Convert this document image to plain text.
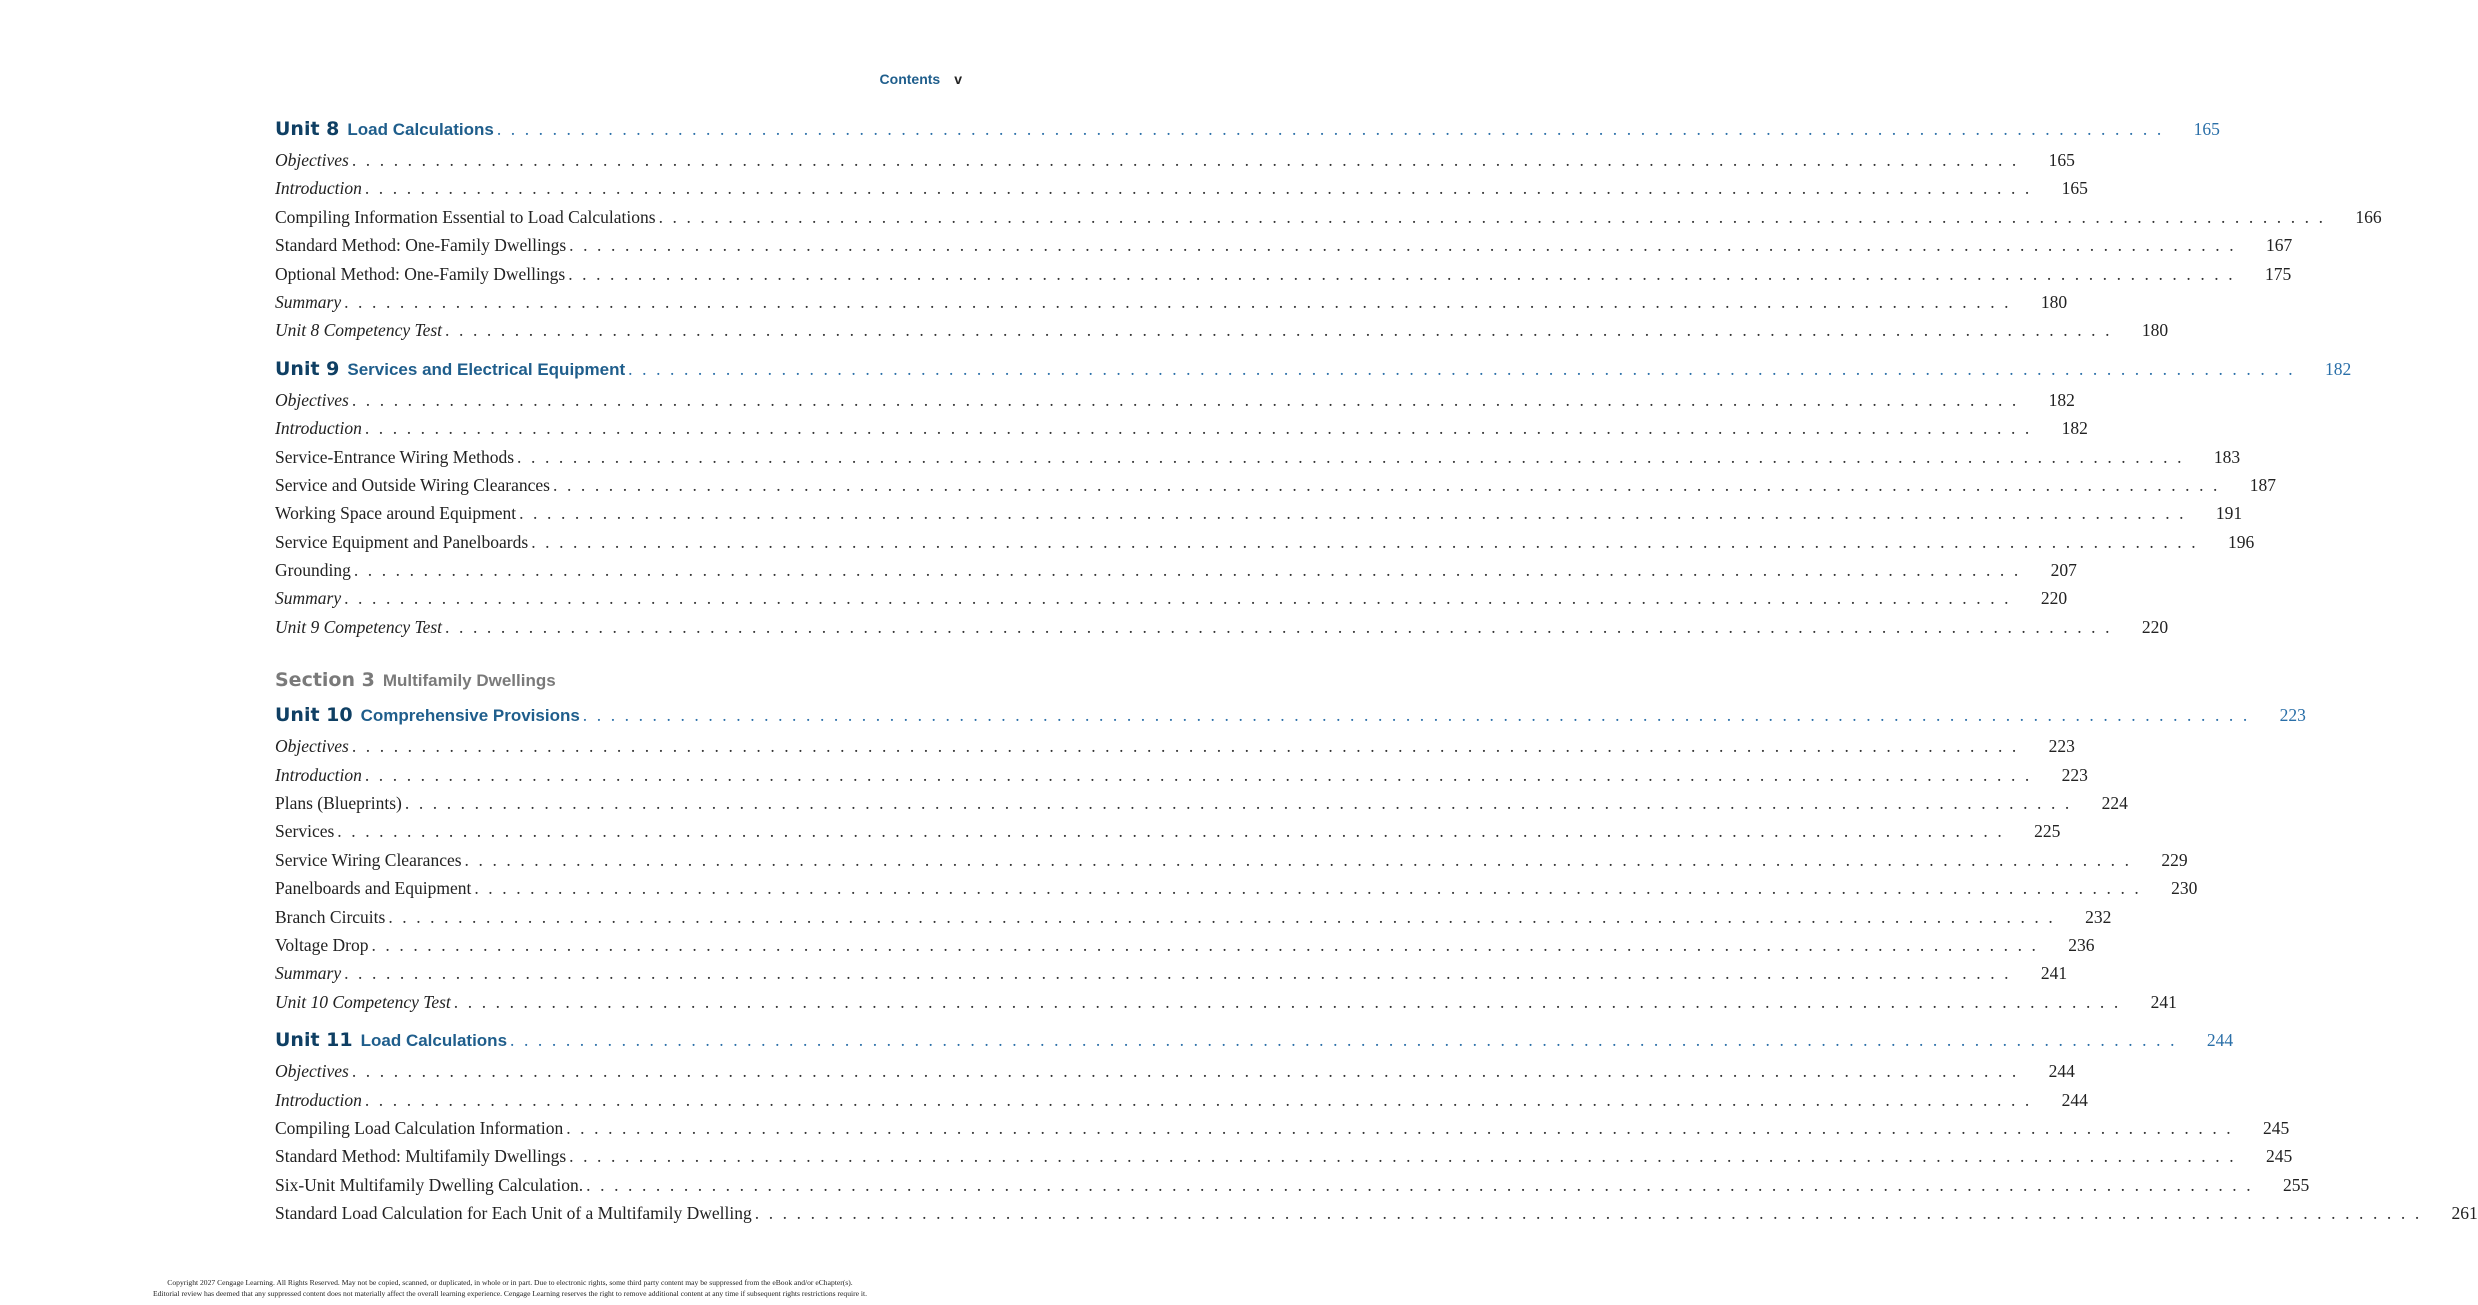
Contents v
Unit 8 Load Calculations . . . . . . . . . . . . . . . . . . . . . . . . . . . . . . . . . . . . . . . . . . . . . . . . . . . . . . . . . . . . . . . . . . . . . . . . . . . . . . . . . . . . . . . . . . . . . . . . . . . . . . . . . . . . . . . . . . . . . . . .	165
Objectives . . . . . . . . . . . . . . . . . . . . . . . . . . . . . . . . . . . . . . . . . . . . . . . . . . . . . . . . . . . . . . . . . . . . . . . . . . . . . . . . . . . . . . . . . . . . . . . . . . . . . . . . . . . . . . . . . . . . . . . .	165
Introduction . . . . . . . . . . . . . . . . . . . . . . . . . . . . . . . . . . . . . . . . . . . . . . . . . . . . . . . . . . . . . . . . . . . . . . . . . . . . . . . . . . . . . . . . . . . . . . . . . . . . . . . . . . . . . . . . . . . . . . . .	165
Compiling Information Essential to Load Calculations . . . . . . . . . . . . . . . . . . . . . . . . . . . . . . . . . . . . . . . . . . . . . . . . . . . . . . . . . . . . . . . . . . . . . . . . . . . . . . . . . . . . . . . . . . . . . . . . . . . . . . . . . . . . . . . . . . . . . . . .	166
Standard Method: One-Family Dwellings . . . . . . . . . . . . . . . . . . . . . . . . . . . . . . . . . . . . . . . . . . . . . . . . . . . . . . . . . . . . . . . . . . . . . . . . . . . . . . . . . . . . . . . . . . . . . . . . . . . . . . . . . . . . . . . . . . . . . . . .	167
Optional Method: One-Family Dwellings . . . . . . . . . . . . . . . . . . . . . . . . . . . . . . . . . . . . . . . . . . . . . . . . . . . . . . . . . . . . . . . . . . . . . . . . . . . . . . . . . . . . . . . . . . . . . . . . . . . . . . . . . . . . . . . . . . . . . . . .	175
Summary . . . . . . . . . . . . . . . . . . . . . . . . . . . . . . . . . . . . . . . . . . . . . . . . . . . . . . . . . . . . . . . . . . . . . . . . . . . . . . . . . . . . . . . . . . . . . . . . . . . . . . . . . . . . . . . . . . . . . . . .	180
Unit 8 Competency Test . . . . . . . . . . . . . . . . . . . . . . . . . . . . . . . . . . . . . . . . . . . . . . . . . . . . . . . . . . . . . . . . . . . . . . . . . . . . . . . . . . . . . . . . . . . . . . . . . . . . . . . . . . . . . . . . . . . . . . . .	180
Unit 9 Services and Electrical Equipment . . . . . . . . . . . . . . . . . . . . . . . . . . . . . . . . . . . . . . . . . . . . . . . . . . . . . . . . . . . . . . . . . . . . . . . . . . . . . . . . . . . . . . . . . . . . . . . . . . . . . . . . . . . . . . . . . . . . . . . .	182
Objectives . . . . . . . . . . . . . . . . . . . . . . . . . . . . . . . . . . . . . . . . . . . . . . . . . . . . . . . . . . . . . . . . . . . . . . . . . . . . . . . . . . . . . . . . . . . . . . . . . . . . . . . . . . . . . . . . . . . . . . . .	182
Introduction . . . . . . . . . . . . . . . . . . . . . . . . . . . . . . . . . . . . . . . . . . . . . . . . . . . . . . . . . . . . . . . . . . . . . . . . . . . . . . . . . . . . . . . . . . . . . . . . . . . . . . . . . . . . . . . . . . . . . . . .	182
Service-Entrance Wiring Methods . . . . . . . . . . . . . . . . . . . . . . . . . . . . . . . . . . . . . . . . . . . . . . . . . . . . . . . . . . . . . . . . . . . . . . . . . . . . . . . . . . . . . . . . . . . . . . . . . . . . . . . . . . . . . . . . . . . . . . . .	183
Service and Outside Wiring Clearances . . . . . . . . . . . . . . . . . . . . . . . . . . . . . . . . . . . . . . . . . . . . . . . . . . . . . . . . . . . . . . . . . . . . . . . . . . . . . . . . . . . . . . . . . . . . . . . . . . . . . . . . . . . . . . . . . . . . . . . .	187
Working Space around Equipment . . . . . . . . . . . . . . . . . . . . . . . . . . . . . . . . . . . . . . . . . . . . . . . . . . . . . . . . . . . . . . . . . . . . . . . . . . . . . . . . . . . . . . . . . . . . . . . . . . . . . . . . . . . . . . . . . . . . . . . .	191
Service Equipment and Panelboards . . . . . . . . . . . . . . . . . . . . . . . . . . . . . . . . . . . . . . . . . . . . . . . . . . . . . . . . . . . . . . . . . . . . . . . . . . . . . . . . . . . . . . . . . . . . . . . . . . . . . . . . . . . . . . . . . . . . . . . .	196
Grounding . . . . . . . . . . . . . . . . . . . . . . . . . . . . . . . . . . . . . . . . . . . . . . . . . . . . . . . . . . . . . . . . . . . . . . . . . . . . . . . . . . . . . . . . . . . . . . . . . . . . . . . . . . . . . . . . . . . . . . . .	207
Summary . . . . . . . . . . . . . . . . . . . . . . . . . . . . . . . . . . . . . . . . . . . . . . . . . . . . . . . . . . . . . . . . . . . . . . . . . . . . . . . . . . . . . . . . . . . . . . . . . . . . . . . . . . . . . . . . . . . . . . . .	220
Unit 9 Competency Test . . . . . . . . . . . . . . . . . . . . . . . . . . . . . . . . . . . . . . . . . . . . . . . . . . . . . . . . . . . . . . . . . . . . . . . . . . . . . . . . . . . . . . . . . . . . . . . . . . . . . . . . . . . . . . . . . . . . . . . .	220
Section 3 Multifamily Dwellings
Unit 10 Comprehensive Provisions . . . . . . . . . . . . . . . . . . . . . . . . . . . . . . . . . . . . . . . . . . . . . . . . . . . . . . . . . . . . . . . . . . . . . . . . . . . . . . . . . . . . . . . . . . . . . . . . . . . . . . . . . . . . . . . . . . . . . . . .	223
Objectives . . . . . . . . . . . . . . . . . . . . . . . . . . . . . . . . . . . . . . . . . . . . . . . . . . . . . . . . . . . . . . . . . . . . . . . . . . . . . . . . . . . . . . . . . . . . . . . . . . . . . . . . . . . . . . . . . . . . . . . .	223
Introduction . . . . . . . . . . . . . . . . . . . . . . . . . . . . . . . . . . . . . . . . . . . . . . . . . . . . . . . . . . . . . . . . . . . . . . . . . . . . . . . . . . . . . . . . . . . . . . . . . . . . . . . . . . . . . . . . . . . . . . . .	223
Plans (Blueprints) . . . . . . . . . . . . . . . . . . . . . . . . . . . . . . . . . . . . . . . . . . . . . . . . . . . . . . . . . . . . . . . . . . . . . . . . . . . . . . . . . . . . . . . . . . . . . . . . . . . . . . . . . . . . . . . . . . . . . . . .	224
Services . . . . . . . . . . . . . . . . . . . . . . . . . . . . . . . . . . . . . . . . . . . . . . . . . . . . . . . . . . . . . . . . . . . . . . . . . . . . . . . . . . . . . . . . . . . . . . . . . . . . . . . . . . . . . . . . . . . . . . . .	225
Service Wiring Clearances . . . . . . . . . . . . . . . . . . . . . . . . . . . . . . . . . . . . . . . . . . . . . . . . . . . . . . . . . . . . . . . . . . . . . . . . . . . . . . . . . . . . . . . . . . . . . . . . . . . . . . . . . . . . . . . . . . . . . . . .	229
Panelboards and Equipment . . . . . . . . . . . . . . . . . . . . . . . . . . . . . . . . . . . . . . . . . . . . . . . . . . . . . . . . . . . . . . . . . . . . . . . . . . . . . . . . . . . . . . . . . . . . . . . . . . . . . . . . . . . . . . . . . . . . . . . .	230
Branch Circuits . . . . . . . . . . . . . . . . . . . . . . . . . . . . . . . . . . . . . . . . . . . . . . . . . . . . . . . . . . . . . . . . . . . . . . . . . . . . . . . . . . . . . . . . . . . . . . . . . . . . . . . . . . . . . . . . . . . . . . . .	232
Voltage Drop . . . . . . . . . . . . . . . . . . . . . . . . . . . . . . . . . . . . . . . . . . . . . . . . . . . . . . . . . . . . . . . . . . . . . . . . . . . . . . . . . . . . . . . . . . . . . . . . . . . . . . . . . . . . . . . . . . . . . . . .	236
Summary . . . . . . . . . . . . . . . . . . . . . . . . . . . . . . . . . . . . . . . . . . . . . . . . . . . . . . . . . . . . . . . . . . . . . . . . . . . . . . . . . . . . . . . . . . . . . . . . . . . . . . . . . . . . . . . . . . . . . . . .	241
Unit 10 Competency Test . . . . . . . . . . . . . . . . . . . . . . . . . . . . . . . . . . . . . . . . . . . . . . . . . . . . . . . . . . . . . . . . . . . . . . . . . . . . . . . . . . . . . . . . . . . . . . . . . . . . . . . . . . . . . . . . . . . . . . . .	241
Unit 11 Load Calculations . . . . . . . . . . . . . . . . . . . . . . . . . . . . . . . . . . . . . . . . . . . . . . . . . . . . . . . . . . . . . . . . . . . . . . . . . . . . . . . . . . . . . . . . . . . . . . . . . . . . . . . . . . . . . . . . . . . . . . . .	244
Objectives . . . . . . . . . . . . . . . . . . . . . . . . . . . . . . . . . . . . . . . . . . . . . . . . . . . . . . . . . . . . . . . . . . . . . . . . . . . . . . . . . . . . . . . . . . . . . . . . . . . . . . . . . . . . . . . . . . . . . . . .	244
Introduction . . . . . . . . . . . . . . . . . . . . . . . . . . . . . . . . . . . . . . . . . . . . . . . . . . . . . . . . . . . . . . . . . . . . . . . . . . . . . . . . . . . . . . . . . . . . . . . . . . . . . . . . . . . . . . . . . . . . . . . .	244
Compiling Load Calculation Information . . . . . . . . . . . . . . . . . . . . . . . . . . . . . . . . . . . . . . . . . . . . . . . . . . . . . . . . . . . . . . . . . . . . . . . . . . . . . . . . . . . . . . . . . . . . . . . . . . . . . . . . . . . . . . . . . . . . . . . .	245
Standard Method: Multifamily Dwellings . . . . . . . . . . . . . . . . . . . . . . . . . . . . . . . . . . . . . . . . . . . . . . . . . . . . . . . . . . . . . . . . . . . . . . . . . . . . . . . . . . . . . . . . . . . . . . . . . . . . . . . . . . . . . . . . . . . . . . . .	245
Six-Unit Multifamily Dwelling Calculation. . . . . . . . . . . . . . . . . . . . . . . . . . . . . . . . . . . . . . . . . . . . . . . . . . . . . . . . . . . . . . . . . . . . . . . . . . . . . . . . . . . . . . . . . . . . . . . . . . . . . . . . . . . . . . . . . . . . . . . . .	255
Standard Load Calculation for Each Unit of a Multifamily Dwelling . . . . . . . . . . . . . . . . . . . . . . . . . . . . . . . . . . . . . . . . . . . . . . . . . . . . . . . . . . . . . . . . . . . . . . . . . . . . . . . . . . . . . . . . . . . . . . . . . . . . . . . . . . . . . . . . . . . . . . . .	261
Copyright 2027 Cengage Learning. All Rights Reserved. May not be copied, scanned, or duplicated, in whole or in part. Due to electronic rights, some third party content may be suppressed from the eBook and/or eChapter(s).
Editorial review has deemed that any suppressed content does not materially affect the overall learning experience. Cengage Learning reserves the right to remove additional content at any time if subsequent rights restrictions require it.
